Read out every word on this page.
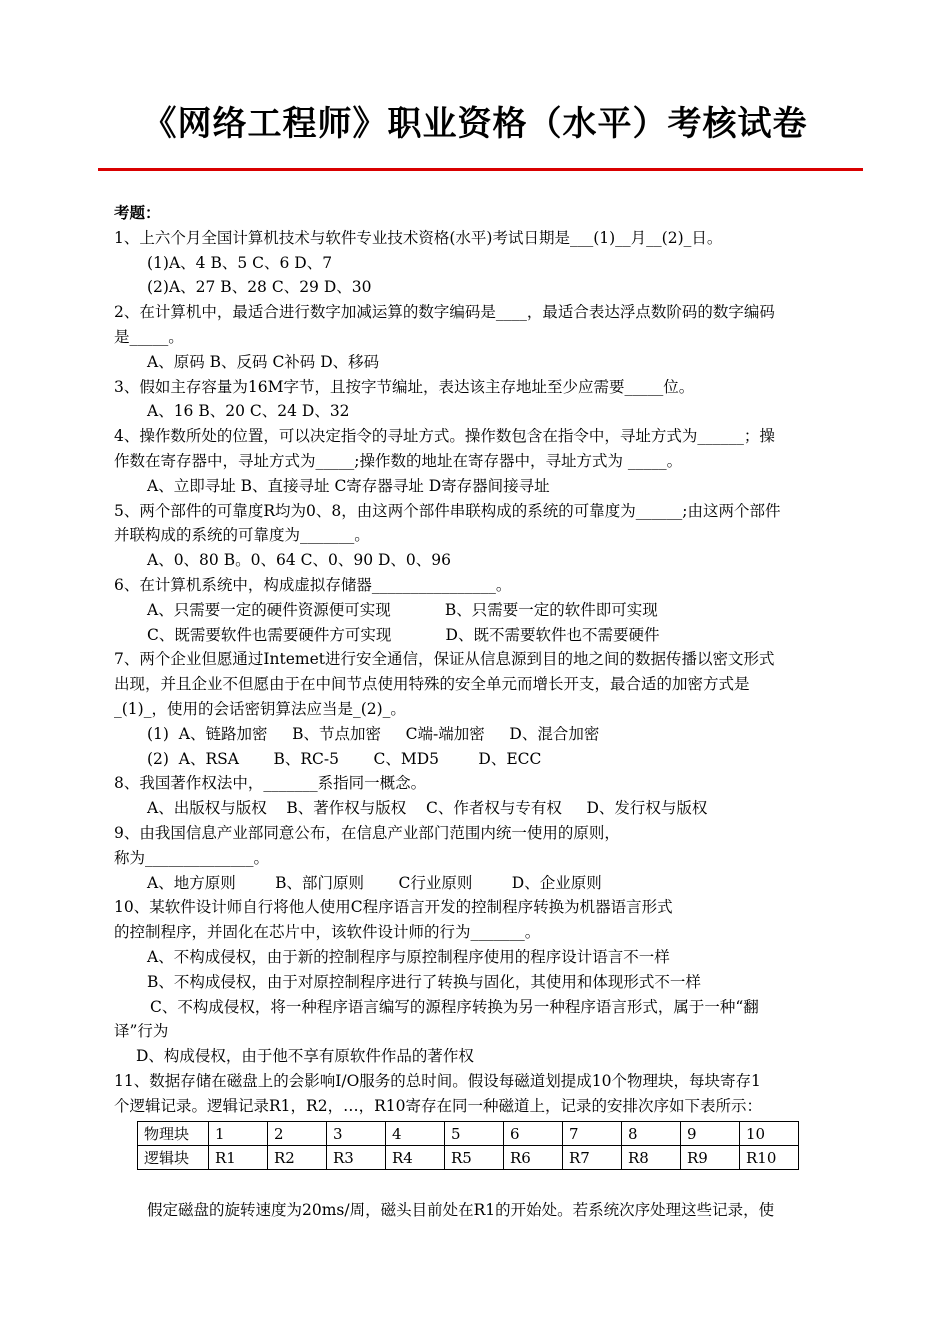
《网络工程师》职业资格（水平）考核试卷
考题：
1、上六个月全国计算机技术与软件专业技术资格(水平)考试日期是___(1)__月__(2)_日。
(1)A、4 B、5 C、6 D、7
(2)A、27 B、28 C、29 D、30
2、在计算机中，最适合进行数字加减运算的数字编码是____，最适合表达浮点数阶码的数字编码
是_____。
A、原码 B、反码 C补码 D、移码
3、假如主存容量为16M字节，且按字节编址，表达该主存地址至少应需要_____位。
A、16 B、20 C、24 D、32
4、操作数所处的位置，可以决定指令的寻址方式。操作数包含在指令中，寻址方式为______；操
作数在寄存器中，寻址方式为_____;操作数的地址在寄存器中，寻址方式为 _____。
A、立即寻址 B、直接寻址 C寄存器寻址 D寄存器间接寻址
5、两个部件的可靠度R均为0、8，由这两个部件串联构成的系统的可靠度为______;由这两个部件
并联构成的系统的可靠度为_______。
A、0、80 B。0、64 C、0、90 D、0、96
6、在计算机系统中，构成虚拟存储器________________。
A、只需要一定的硬件资源便可实现           B、只需要一定的软件即可实现
C、既需要软件也需要硬件方可实现           D、既不需要软件也不需要硬件
7、两个企业但愿通过Intemet进行安全通信，保证从信息源到目的地之间的数据传播以密文形式
出现，并且企业不但愿由于在中间节点使用特殊的安全单元而增长开支，最合适的加密方式是
_(1)_，使用的会话密钥算法应当是_(2)_。
(1)  A、链路加密     B、节点加密     C端-端加密     D、混合加密
(2)  A、RSA       B、RC-5       C、MD5        D、ECC
8、我国著作权法中，_______系指同一概念。
A、出版权与版权    B、著作权与版权    C、作者权与专有权     D、发行权与版权
9、由我国信息产业部同意公布，在信息产业部门范围内统一使用的原则，
称为______________。
A、地方原则        B、部门原则       C行业原则        D、企业原则
10、某软件设计师自行将他人使用C程序语言开发的控制程序转换为机器语言形式
的控制程序，并固化在芯片中，该软件设计师的行为_______。
A、不构成侵权，由于新的控制程序与原控制程序使用的程序设计语言不一样
B、不构成侵权，由于对原控制程序进行了转换与固化，其使用和体现形式不一样
C、不构成侵权，将一种程序语言编写的源程序转换为另一种程序语言形式，属于一种“翻
译”行为
D、构成侵权，由于他不享有原软件作品的著作权
11、数据存储在磁盘上的会影响I/O服务的总时间。假设每磁道划提成10个物理块，每块寄存1
个逻辑记录。逻辑记录R1，R2，…，R10寄存在同一种磁道上，记录的安排次序如下表所示：
物理块	1	2	3	4	5	6	7	8	9	10
逻辑块	R1	R2	R3	R4	R5	R6	R7	R8	R9	R10
假定磁盘的旋转速度为20ms/周，磁头目前处在R1的开始处。若系统次序处理这些记录，使
